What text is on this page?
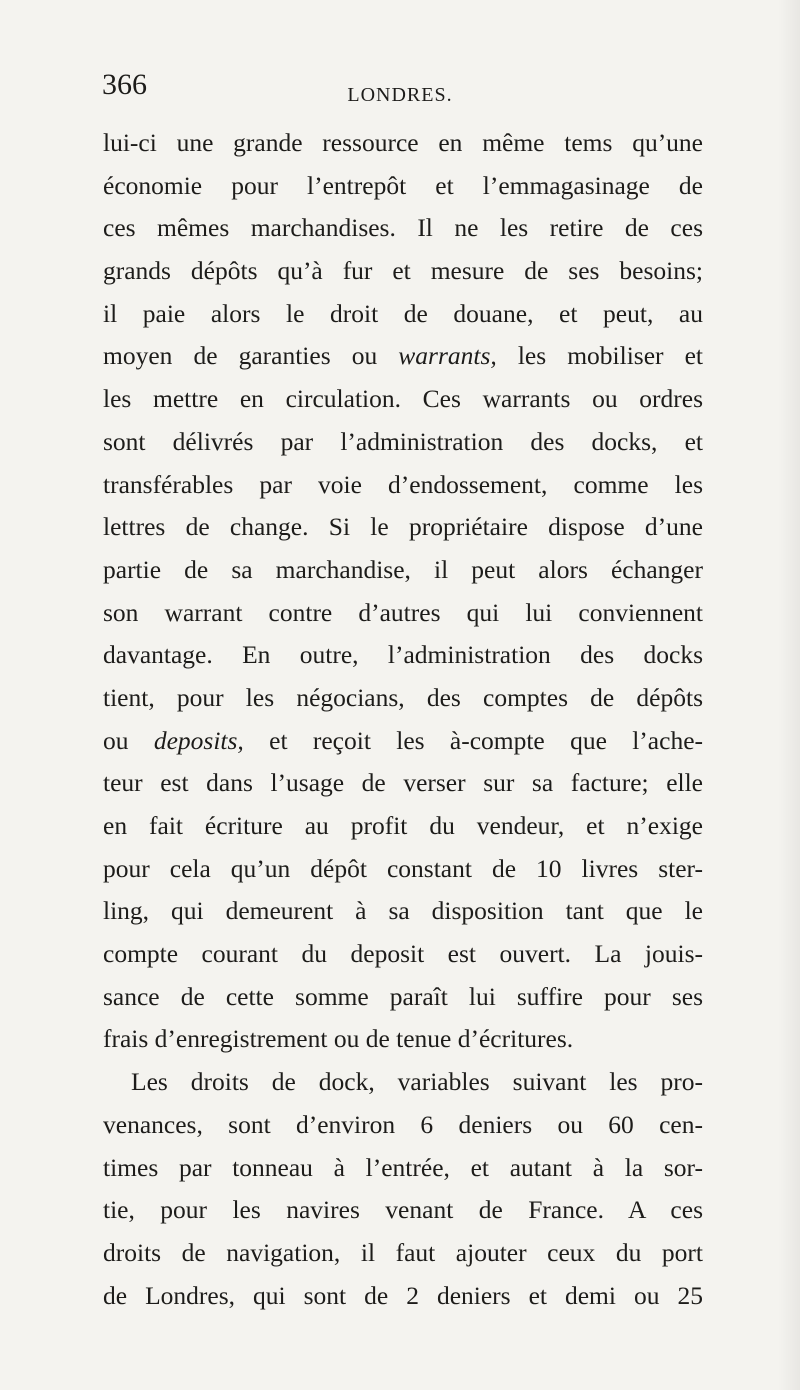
366	LONDRES.
lui-ci une grande ressource en même tems qu’une
économie pour l’entrepôt et l’emmagasinage de
ces mêmes marchandises. Il ne les retire de ces
grands dépôts qu’à fur et mesure de ses besoins;
il paie alors le droit de douane, et peut, au
moyen de garanties ou warrants, les mobiliser et
les mettre en circulation. Ces warrants ou ordres
sont délivrés par l’administration des docks, et
transférables par voie d’endossement, comme les
lettres de change. Si le propriétaire dispose d’une
partie de sa marchandise, il peut alors échanger
son warrant contre d’autres qui lui conviennent
davantage. En outre, l’administration des docks
tient, pour les négocians, des comptes de dépôts
ou deposits, et reçoit les à-compte que l’ache-
teur est dans l’usage de verser sur sa facture; elle
en fait écriture au profit du vendeur, et n’exige
pour cela qu’un dépôt constant de 10 livres ster-
ling, qui demeurent à sa disposition tant que le
compte courant du deposit est ouvert. La jouis-
sance de cette somme paraît lui suffire pour ses
frais d’enregistrement ou de tenue d’écritures.
Les droits de dock, variables suivant les pro-
venances, sont d’environ 6 deniers ou 60 cen-
times par tonneau à l’entrée, et autant à la sor-
tie, pour les navires venant de France. A ces
droits de navigation, il faut ajouter ceux du port
de Londres, qui sont de 2 deniers et demi ou 25
